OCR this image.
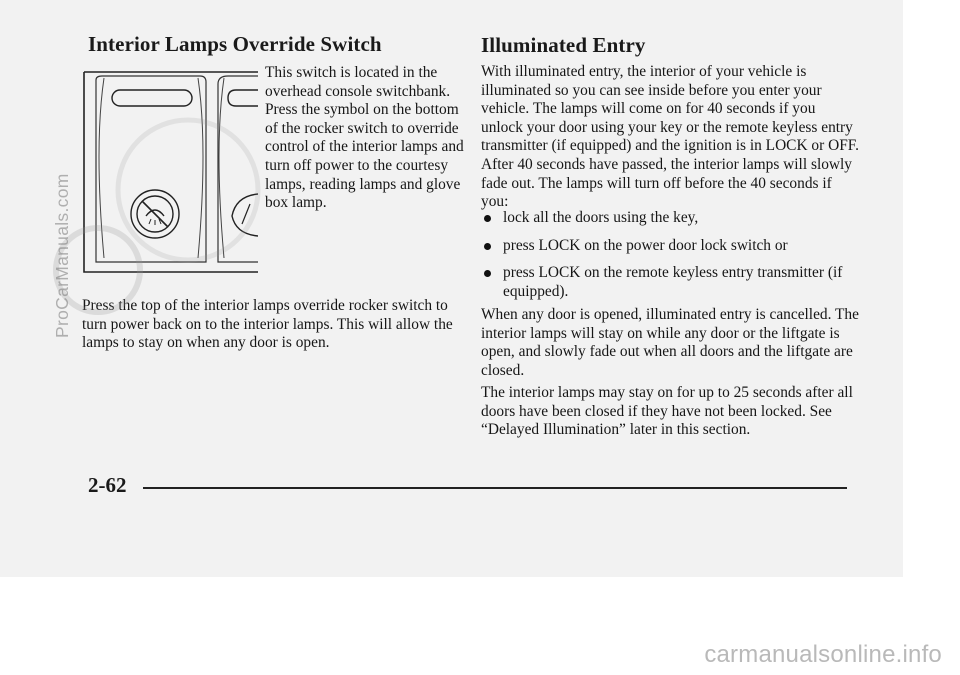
Interior Lamps Override Switch	Illuminated Entry

This switch is located in the overhead console switchbank. Press the symbol on the bottom of the rocker switch to override control of the interior lamps and turn off power to the courtesy lamps, reading lamps and glove box lamp.

Press the top of the interior lamps override rocker switch to turn power back on to the interior lamps. This will allow the lamps to stay on when any door is open.

With illuminated entry, the interior of your vehicle is illuminated so you can see inside before you enter your vehicle. The lamps will come on for 40 seconds if you unlock your door using your key or the remote keyless entry transmitter (if equipped) and the ignition is in LOCK or OFF. After 40 seconds have passed, the interior lamps will slowly fade out. The lamps will turn off before the 40 seconds if you:

lock all the doors using the key,
press LOCK on the power door lock switch or
press LOCK on the remote keyless entry transmitter (if equipped).

When any door is opened, illuminated entry is cancelled. The interior lamps will stay on while any door or the liftgate is open, and slowly fade out when all doors and the liftgate are closed.

The interior lamps may stay on for up to 25 seconds after all doors have been closed if they have not been locked. See “Delayed Illumination” later in this section.

2-62

ProCarManuals.com
carmanualsonline.info
